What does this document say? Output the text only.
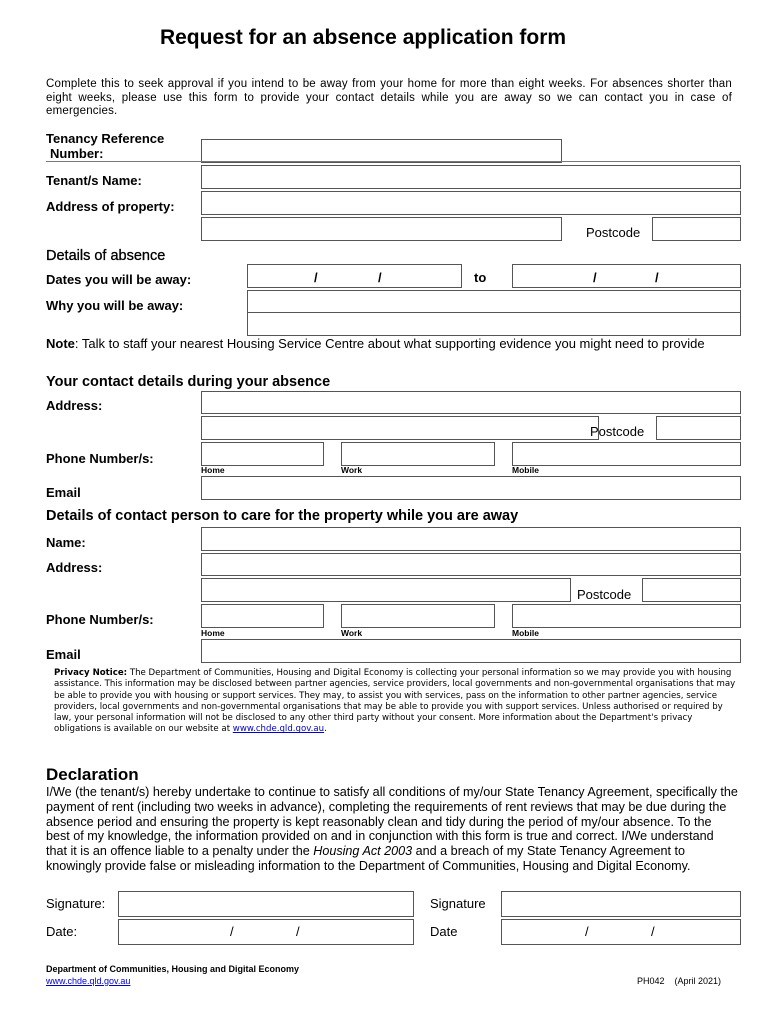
Request for an absence application form
Complete this to seek approval if you intend to be away from your home for more than eight weeks. For absences shorter than eight weeks, please use this form to provide your contact details while you are away so we can contact you in case of emergencies.
Tenancy Reference
Number:
Tenant/s Name:
Address of property:
Postcode
Details of absence
Dates you will be away:	/	/	to	/	/
Why you will be away:
Note: Talk to staff your nearest Housing Service Centre about what supporting evidence you might need to provide
Your contact details during your absence
Address:
Postcode
Phone Number/s:
Home	Work	Mobile
Email
Details of contact person to care for the property while you are away
Name:
Address:
Postcode
Phone Number/s:
Home	Work	Mobile
Email
Privacy Notice: The Department of Communities, Housing and Digital Economy is collecting your personal information so we may provide you with housing assistance. This information may be disclosed between partner agencies, service providers, local governments and non-governmental organisations that may be able to provide you with housing or support services. They may, to assist you with services, pass on the information to other partner agencies, service providers, local governments and non-governmental organisations that may be able to provide you with support services. Unless authorised or required by law, your personal information will not be disclosed to any other third party without your consent. More information about the Department's privacy obligations is available on our website at www.chde.qld.gov.au.
Declaration
I/We (the tenant/s) hereby undertake to continue to satisfy all conditions of my/our State Tenancy Agreement, specifically the payment of rent (including two weeks in advance), completing the requirements of rent reviews that may be due during the absence period and ensuring the property is kept reasonably clean and tidy during the period of my/our absence. To the best of my knowledge, the information provided on and in conjunction with this form is true and correct. I/We understand that it is an offence liable to a penalty under the Housing Act 2003 and a breach of my State Tenancy Agreement to knowingly provide false or misleading information to the Department of Communities, Housing and Digital Economy.
Signature:	Signature
Date:	/	/	Date	/	/
Department of Communities, Housing and Digital Economy
www.chde.qld.gov.au	PH042    (April 2021)
